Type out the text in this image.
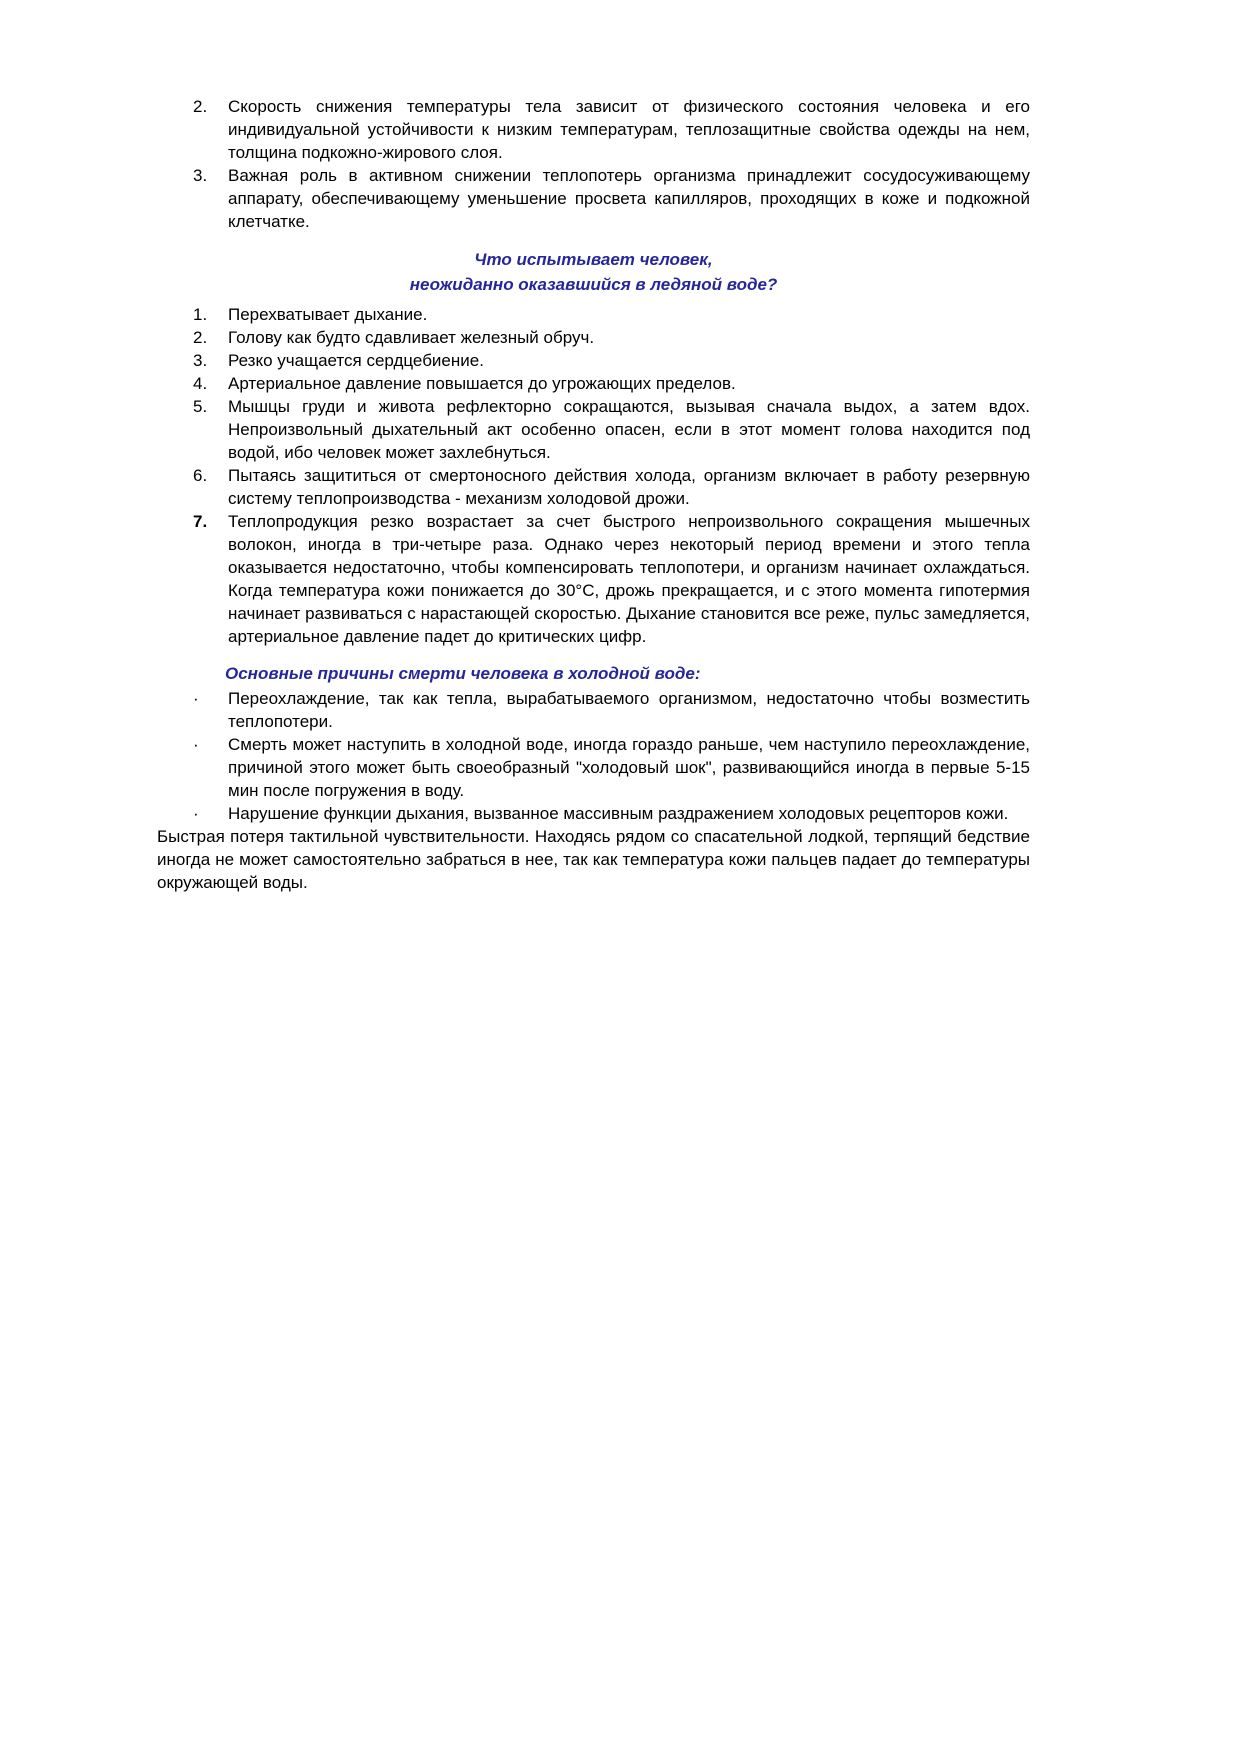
2.	Скорость снижения температуры тела зависит от физического состояния человека и его индивидуальной устойчивости к низким температурам, теплозащитные свойства одежды на нем, толщина подкожно-жирового слоя.
3.	Важная роль в активном снижении теплопотерь организма принадлежит сосудосуживающему аппарату, обеспечивающему уменьшение просвета капилляров, проходящих в коже и подкожной клетчатке.
Что испытывает человек,
неожиданно оказавшийся в ледяной воде?
1.	Перехватывает дыхание.
2.	Голову как будто сдавливает железный обруч.
3.	Резко учащается сердцебиение.
4.	Артериальное давление повышается до угрожающих пределов.
5.	Мышцы груди и живота рефлекторно сокращаются, вызывая сначала выдох, а затем вдох. Непроизвольный дыхательный акт особенно опасен, если в этот момент голова находится под водой, ибо человек может захлебнуться.
6.	Пытаясь защититься от смертоносного действия холода, организм включает в работу резервную систему теплопроизводства - механизм холодовой дрожи.
7.	Теплопродукция резко возрастает за счет быстрого непроизвольного сокращения мышечных волокон, иногда в три-четыре раза. Однако через некоторый период времени и этого тепла оказывается недостаточно, чтобы компенсировать теплопотери, и организм начинает охлаждаться. Когда температура кожи понижается до 30°С, дрожь прекращается, и с этого момента гипотермия начинает развиваться с нарастающей скоростью. Дыхание становится все реже, пульс замедляется, артериальное давление падет до критических цифр.
Основные причины смерти человека в холодной воде:
·	Переохлаждение, так как тепла, вырабатываемого организмом, недостаточно чтобы возместить теплопотери.
·	Смерть может наступить в холодной воде, иногда гораздо раньше, чем наступило переохлаждение, причиной этого может быть своеобразный "холодовый шок", развивающийся иногда в первые 5-15 мин после погружения в воду.
·	Нарушение функции дыхания, вызванное массивным раздражением холодовых рецепторов кожи.

Быстрая потеря тактильной чувствительности. Находясь рядом со спасательной лодкой, терпящий бедствие иногда не может самостоятельно забраться в нее, так как температура кожи пальцев падает до температуры окружающей воды.
